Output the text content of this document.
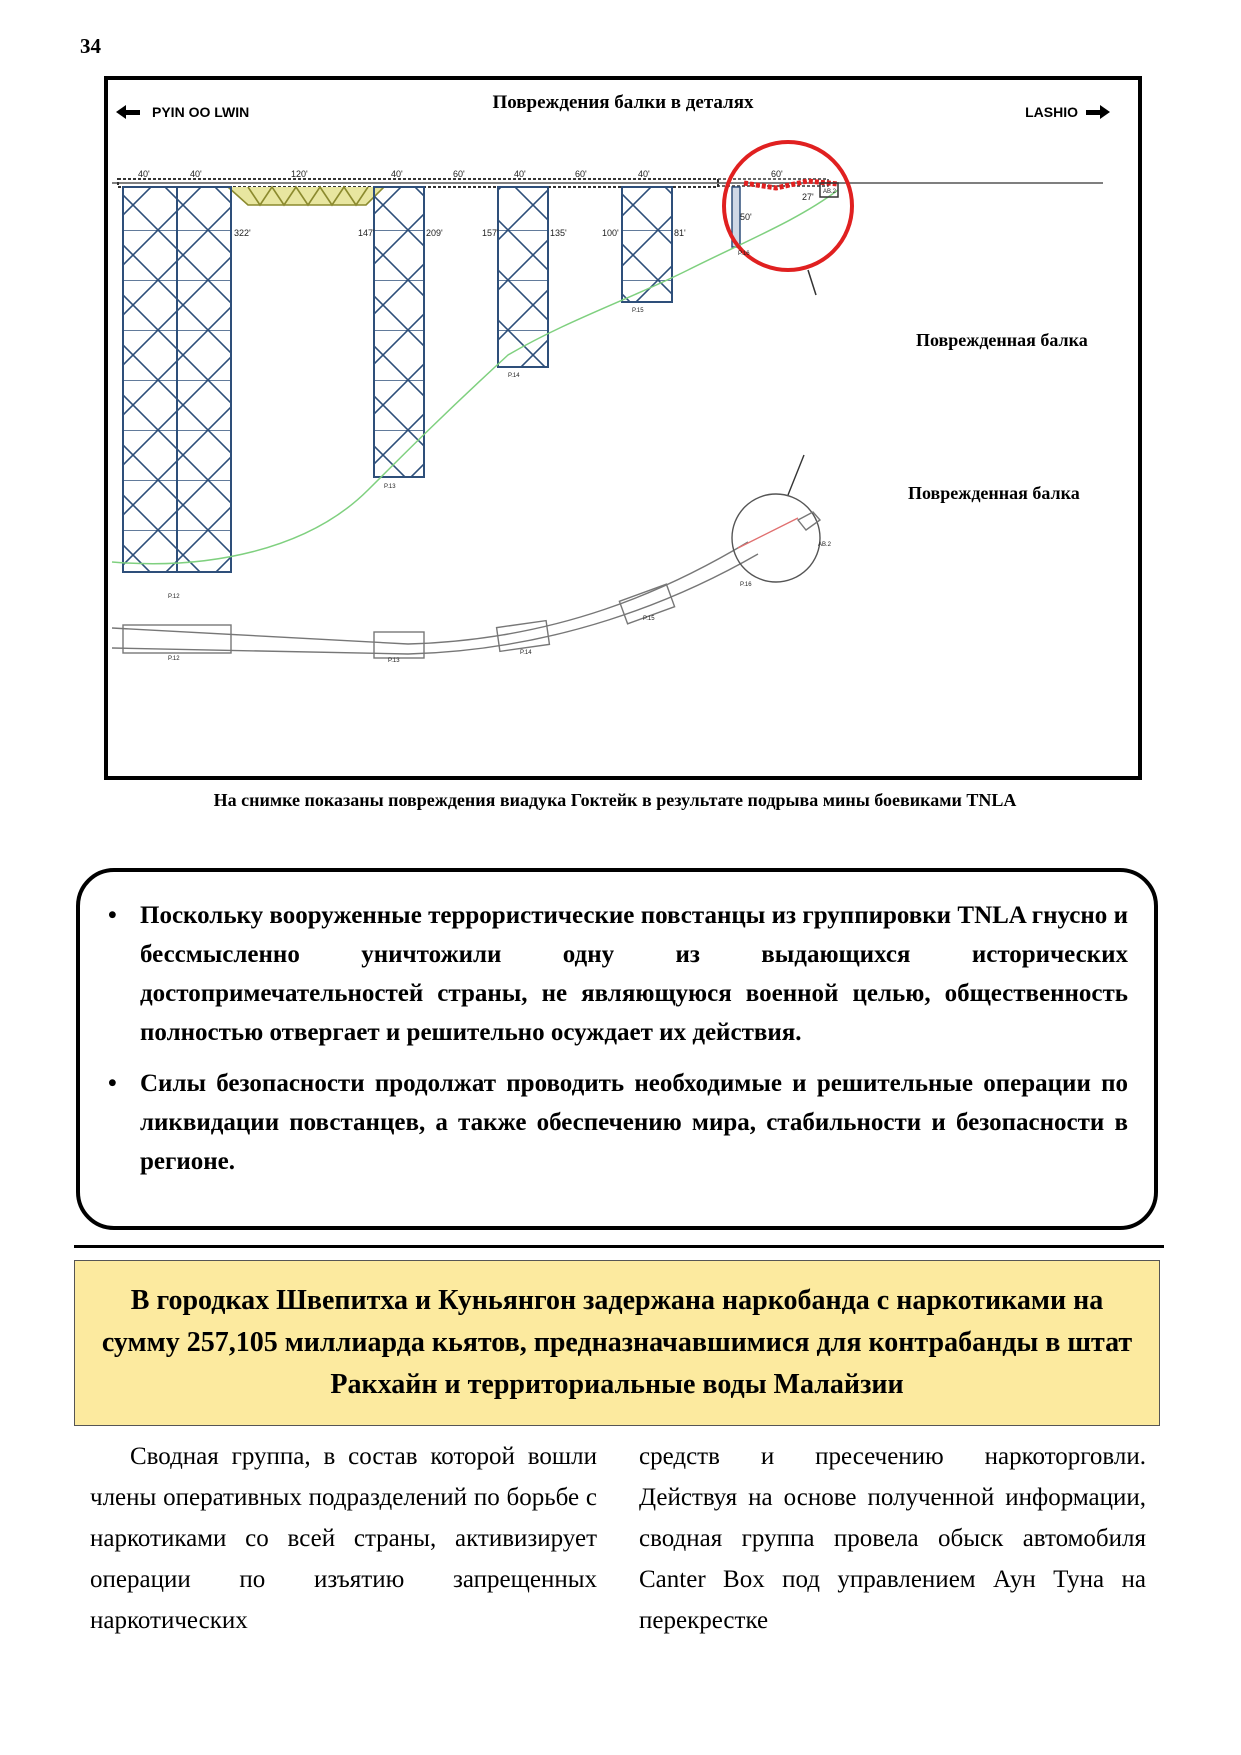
34
40'	40'	120'	40'	60'	40'	60'	40'	60'
322'	147'	209'	157'	135'	100'	81'
50'
27'
P.16
AB.2
P.15
P.14
P.13
P.12
P.12	P.13
P.14
P.15
P.16
AB.2
Повреждения балки в деталях
PYIN OO LWIN	LASHIO
Поврежденная балка
Поврежденная балка
На снимке показаны повреждения виадука Гоктейк в результате подрыва мины боевиками TNLA
• Поскольку вооруженные террористические повстанцы из группировки TNLA гнусно и бессмысленно уничтожили одну из выдающихся исторических достопримечательностей страны, не являющуюся военной целью, общественность полностью отвергает и решительно осуждает их действия.
• Силы безопасности продолжат проводить необходимые и решительные операции по ликвидации повстанцев, а также обеспечению мира, стабильности и безопасности в регионе.
В городках Швепитха и Куньянгон задержана наркобанда с наркотиками на сумму 257,105 миллиарда кьятов, предназначавшимися для контрабанды в штат Ракхайн и территориальные воды Малайзии
Сводная группа, в состав которой вошли члены оперативных подразделений по борьбе с наркотиками со всей страны, активизирует операции по изъятию запрещенных наркотических
средств и пресечению наркоторговли. Действуя на основе полученной информации, сводная группа провела обыск автомобиля Canter Box под управлением Аун Туна на перекрестке
